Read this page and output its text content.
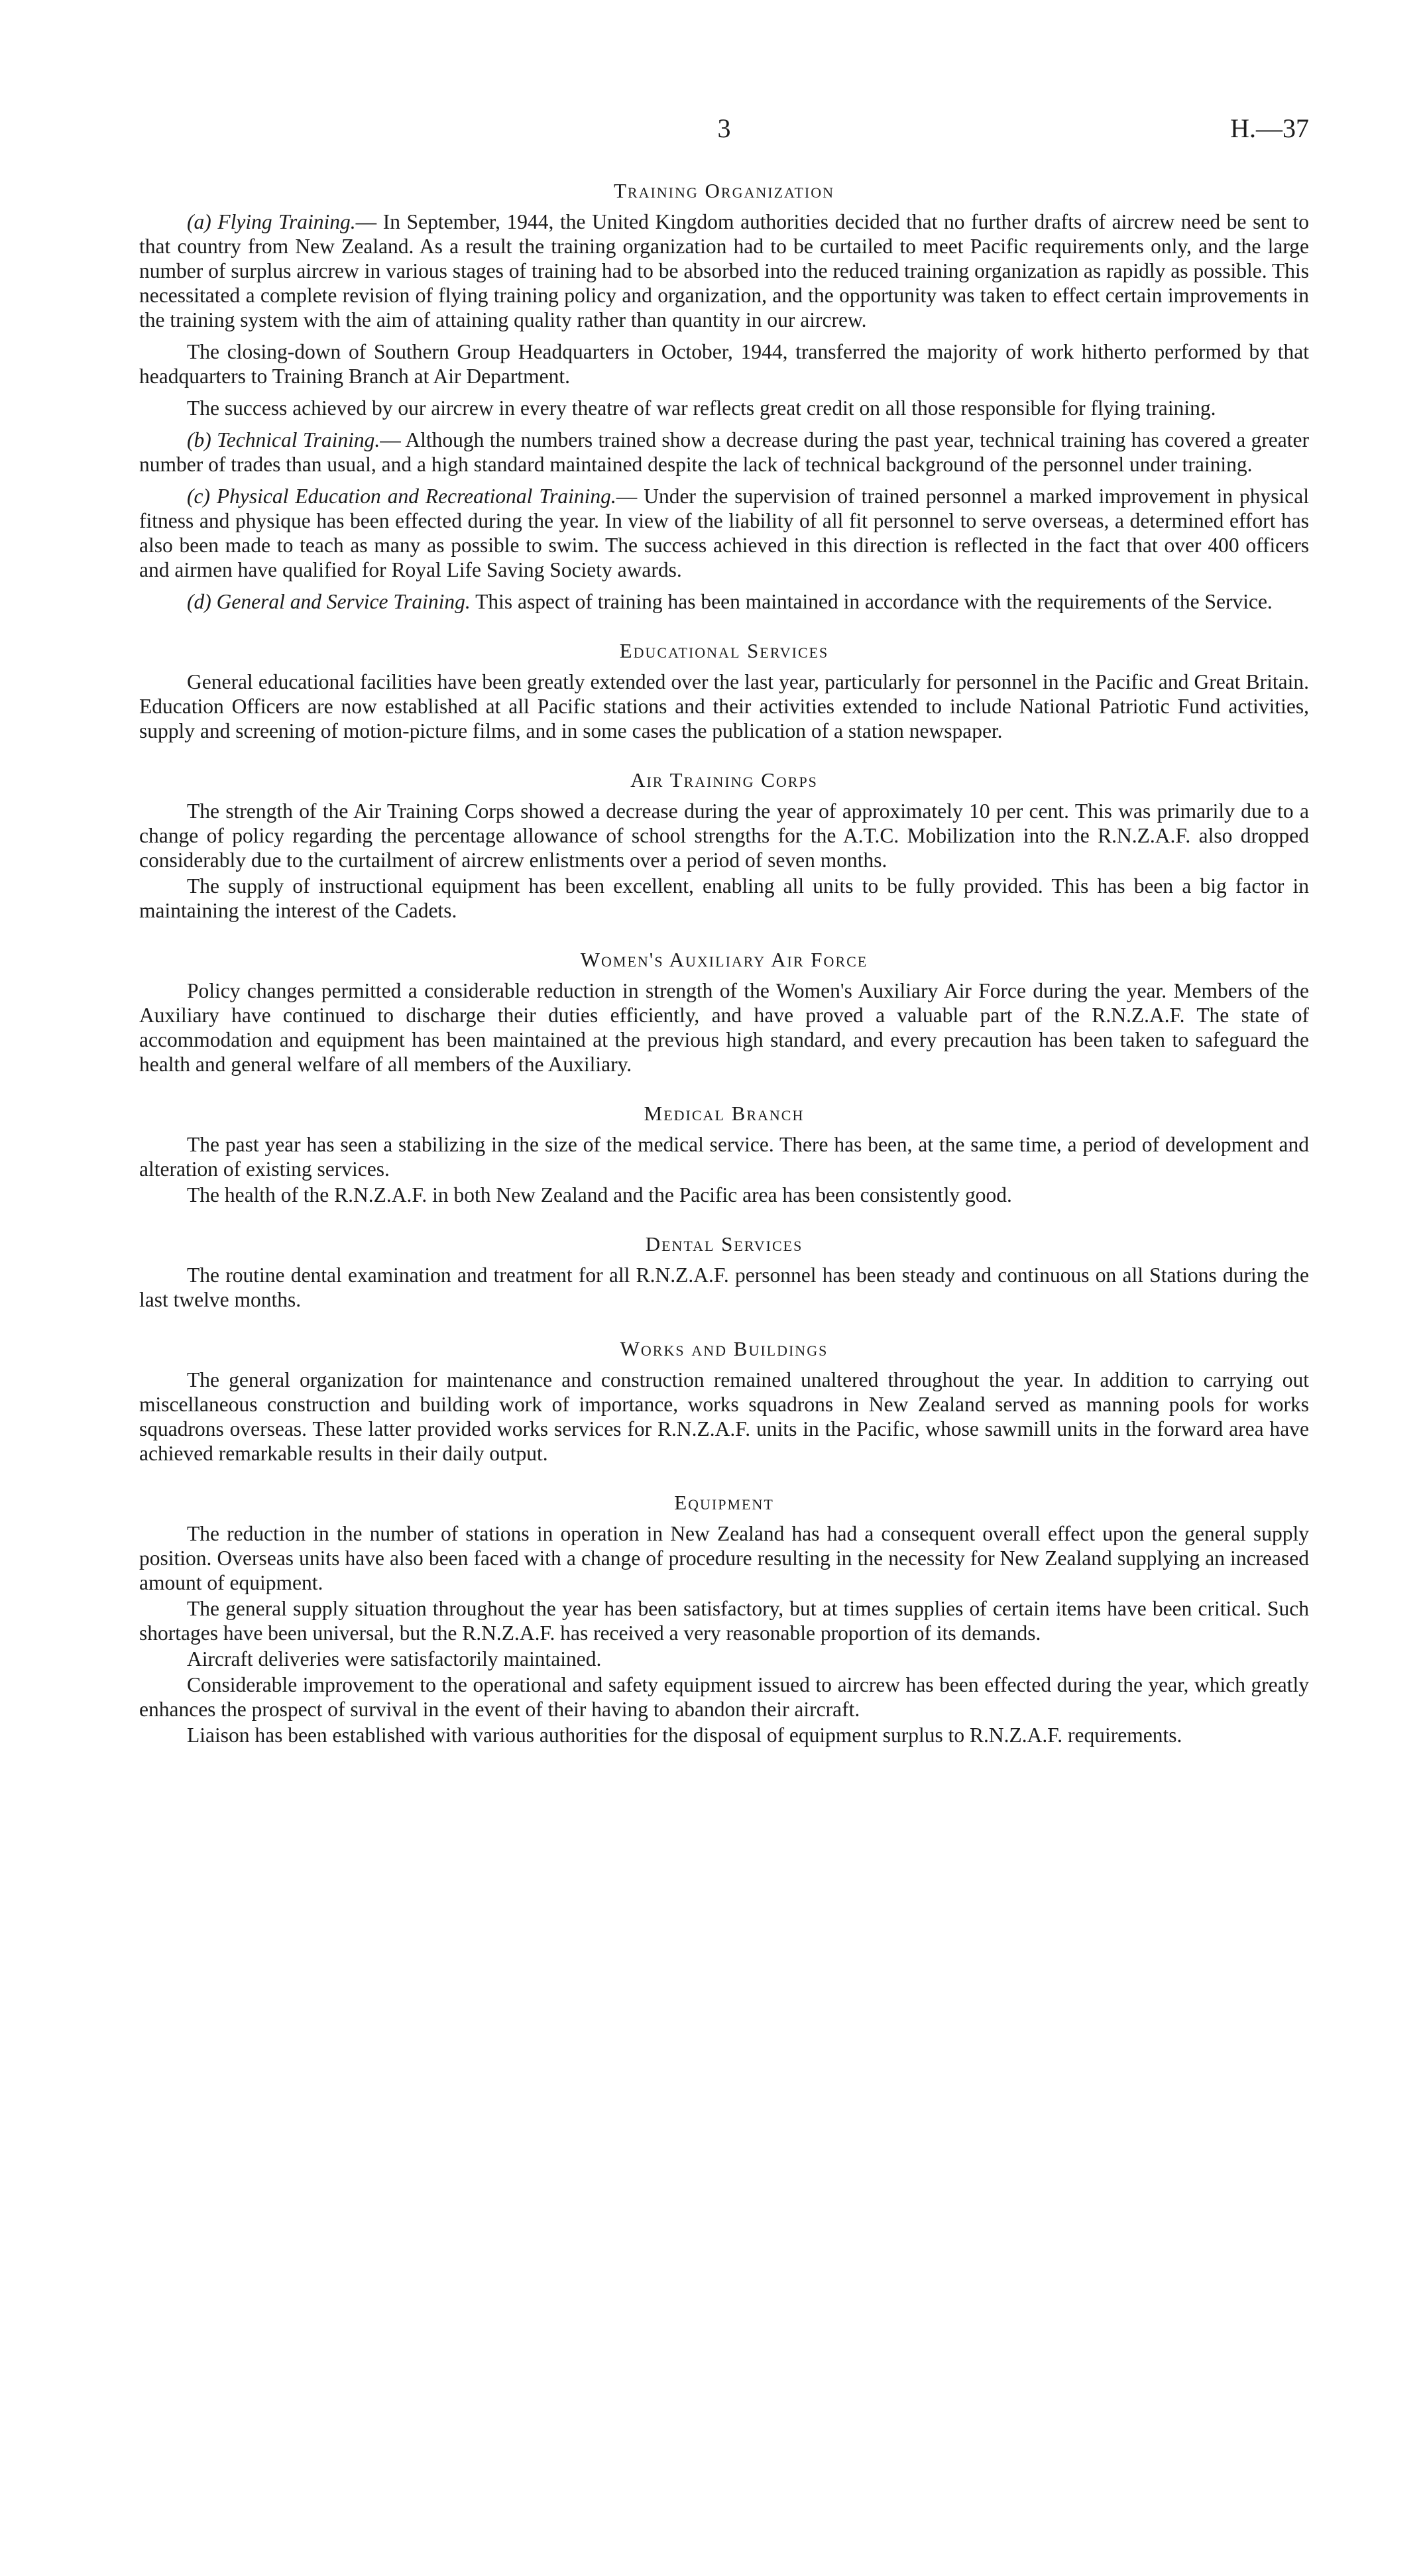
3	H.—37
Training Organization

(a) Flying Training.— In September, 1944, the United Kingdom authorities decided that no further drafts of aircrew need be sent to that country from New Zealand. As a result the training organization had to be curtailed to meet Pacific requirements only, and the large number of surplus aircrew in various stages of training had to be absorbed into the reduced training organization as rapidly as possible. This necessitated a complete revision of flying training policy and organization, and the opportunity was taken to effect certain improvements in the training system with the aim of attaining quality rather than quantity in our aircrew.

The closing-down of Southern Group Headquarters in October, 1944, transferred the majority of work hitherto performed by that headquarters to Training Branch at Air Department.

The success achieved by our aircrew in every theatre of war reflects great credit on all those responsible for flying training.

(b) Technical Training.— Although the numbers trained show a decrease during the past year, technical training has covered a greater number of trades than usual, and a high standard maintained despite the lack of technical background of the personnel under training.

(c) Physical Education and Recreational Training.— Under the supervision of trained personnel a marked improvement in physical fitness and physique has been effected during the year. In view of the liability of all fit personnel to serve overseas, a determined effort has also been made to teach as many as possible to swim. The success achieved in this direction is reflected in the fact that over 400 officers and airmen have qualified for Royal Life Saving Society awards.

(d) General and Service Training. This aspect of training has been maintained in accordance with the requirements of the Service.

Educational Services

General educational facilities have been greatly extended over the last year, particularly for personnel in the Pacific and Great Britain. Education Officers are now established at all Pacific stations and their activities extended to include National Patriotic Fund activities, supply and screening of motion-picture films, and in some cases the publication of a station newspaper.

Air Training Corps

The strength of the Air Training Corps showed a decrease during the year of approximately 10 per cent. This was primarily due to a change of policy regarding the percentage allowance of school strengths for the A.T.C. Mobilization into the R.N.Z.A.F. also dropped considerably due to the curtailment of aircrew enlistments over a period of seven months.

The supply of instructional equipment has been excellent, enabling all units to be fully provided. This has been a big factor in maintaining the interest of the Cadets.

Women's Auxiliary Air Force

Policy changes permitted a considerable reduction in strength of the Women's Auxiliary Air Force during the year. Members of the Auxiliary have continued to discharge their duties efficiently, and have proved a valuable part of the R.N.Z.A.F. The state of accommodation and equipment has been maintained at the previous high standard, and every precaution has been taken to safeguard the health and general welfare of all members of the Auxiliary.

Medical Branch

The past year has seen a stabilizing in the size of the medical service. There has been, at the same time, a period of development and alteration of existing services.

The health of the R.N.Z.A.F. in both New Zealand and the Pacific area has been consistently good.

Dental Services

The routine dental examination and treatment for all R.N.Z.A.F. personnel has been steady and continuous on all Stations during the last twelve months.

Works and Buildings

The general organization for maintenance and construction remained unaltered throughout the year. In addition to carrying out miscellaneous construction and building work of importance, works squadrons in New Zealand served as manning pools for works squadrons overseas. These latter provided works services for R.N.Z.A.F. units in the Pacific, whose sawmill units in the forward area have achieved remarkable results in their daily output.

Equipment

The reduction in the number of stations in operation in New Zealand has had a consequent overall effect upon the general supply position. Overseas units have also been faced with a change of procedure resulting in the necessity for New Zealand supplying an increased amount of equipment.

The general supply situation throughout the year has been satisfactory, but at times supplies of certain items have been critical. Such shortages have been universal, but the R.N.Z.A.F. has received a very reasonable proportion of its demands.

Aircraft deliveries were satisfactorily maintained.

Considerable improvement to the operational and safety equipment issued to aircrew has been effected during the year, which greatly enhances the prospect of survival in the event of their having to abandon their aircraft.

Liaison has been established with various authorities for the disposal of equipment surplus to R.N.Z.A.F. requirements.
